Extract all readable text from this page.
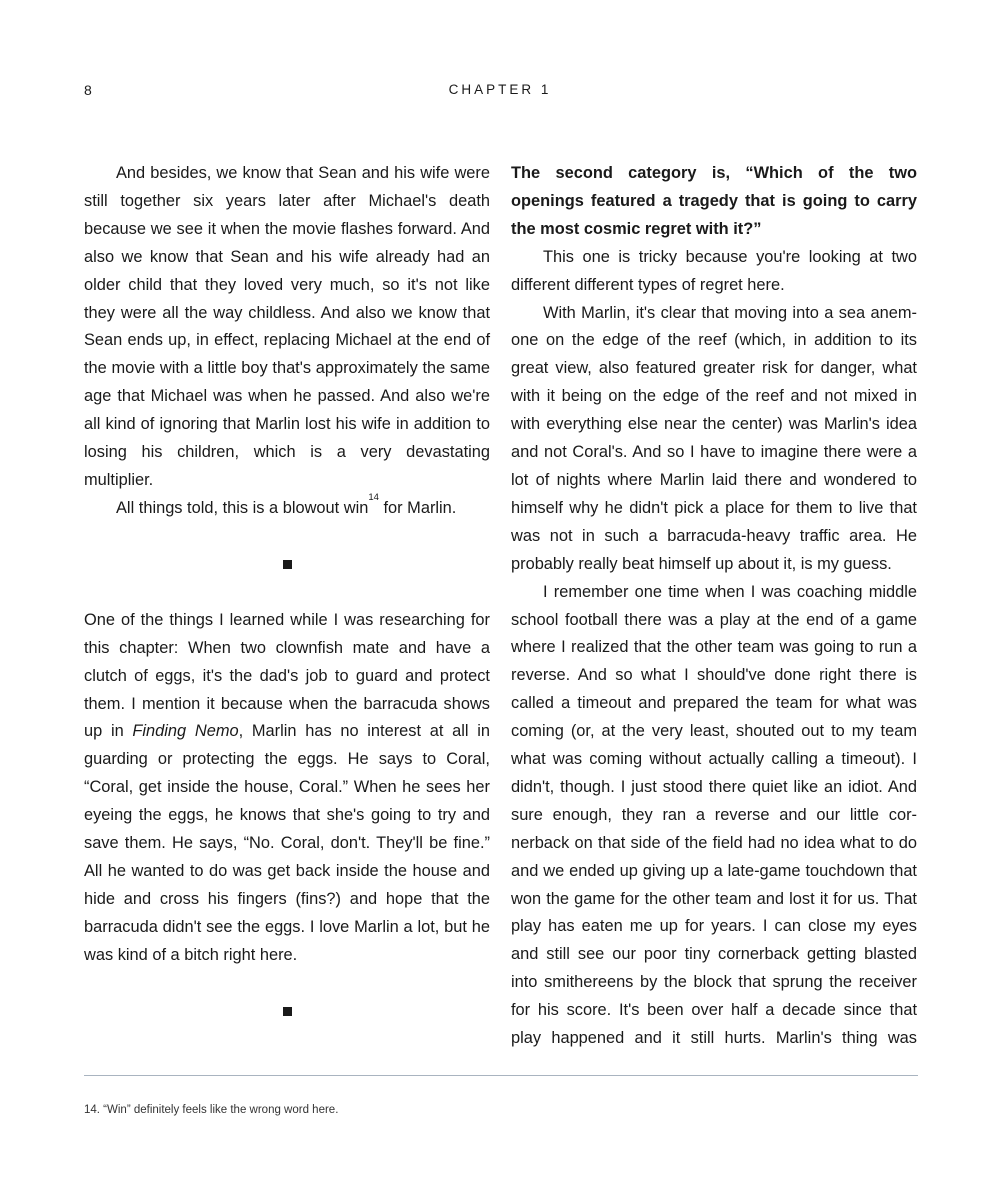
8	CHAPTER 1

And besides, we know that Sean and his wife were still together six years later after Michael's death because we see it when the movie flashes forward. And also we know that Sean and his wife already had an older child that they loved very much, so it's not like they were all the way childless. And also we know that Sean ends up, in effect, replacing Michael at the end of the movie with a little boy that's approximately the same age that Michael was when he passed. And also we're all kind of ignoring that Marlin lost his wife in addition to losing his children, which is a very devastating multiplier.

All things told, this is a blowout win$^{14}$ for Marlin.

One of the things I learned while I was researching for this chapter: When two clownfish mate and have a clutch of eggs, it's the dad's job to guard and protect them. I mention it because when the barracuda shows up in Finding Nemo, Marlin has no interest at all in guarding or protecting the eggs. He says to Coral, “Coral, get inside the house, Coral.” When he sees her eyeing the eggs, he knows that she's going to try and save them. He says, “No. Coral, don't. They'll be fine.” All he wanted to do was get back inside the house and hide and cross his fingers (fins?) and hope that the barracuda didn't see the eggs. I love Marlin a lot, but he was kind of a bitch right here.

The second category is, “Which of the two openings featured a tragedy that is going to carry the most cosmic regret with it?”

This one is tricky because you're looking at two different different types of regret here.

With Marlin, it's clear that moving into a sea anemone on the edge of the reef (which, in addition to its great view, also featured greater risk for danger, what with it being on the edge of the reef and not mixed in with everything else near the center) was Marlin's idea and not Coral's. And so I have to imagine there were a lot of nights where Marlin laid there and wondered to himself why he didn't pick a place for them to live that was not in such a barracuda-heavy traffic area. He probably really beat himself up about it, is my guess.

I remember one time when I was coaching middle school football there was a play at the end of a game where I realized that the other team was going to run a reverse. And so what I should've done right there is called a timeout and prepared the team for what was coming (or, at the very least, shouted out to my team what was coming without actually calling a timeout). I didn't, though. I just stood there quiet like an idiot. And sure enough, they ran a reverse and our little cornerback on that side of the field had no idea what to do and we ended up giving up a late-game touchdown that won the game for the other team and lost it for us. That play has eaten me up for years. I can close my eyes and still see our poor tiny cornerback getting blasted into smithereens by the block that sprung the receiver for his score. It's been over half a decade since that play happened and it still hurts. Marlin's thing was

14. “Win” definitely feels like the wrong word here.
